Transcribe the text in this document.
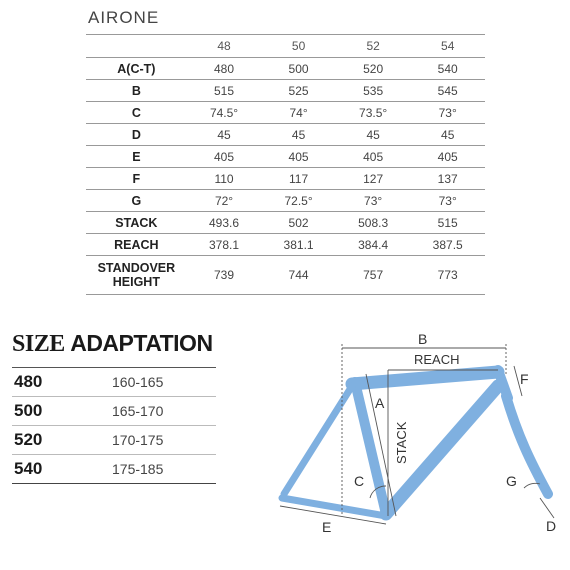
AIRONE
	48	50	52	54
A(C-T)	480	500	520	540
B	515	525	535	545
C	74.5°	74°	73.5°	73°
D	45	45	45	45
E	405	405	405	405
F	110	117	127	137
G	72°	72.5°	73°	73°
STACK	493.6	502	508.3	515
REACH	378.1	381.1	384.4	387.5
STANDOVER
HEIGHT	739	744	757	773
SIZE ADAPTATION
480	160-165
500	165-170
520	170-175
540	175-185
B
REACH
A
STACK
F
C	G
E	D
